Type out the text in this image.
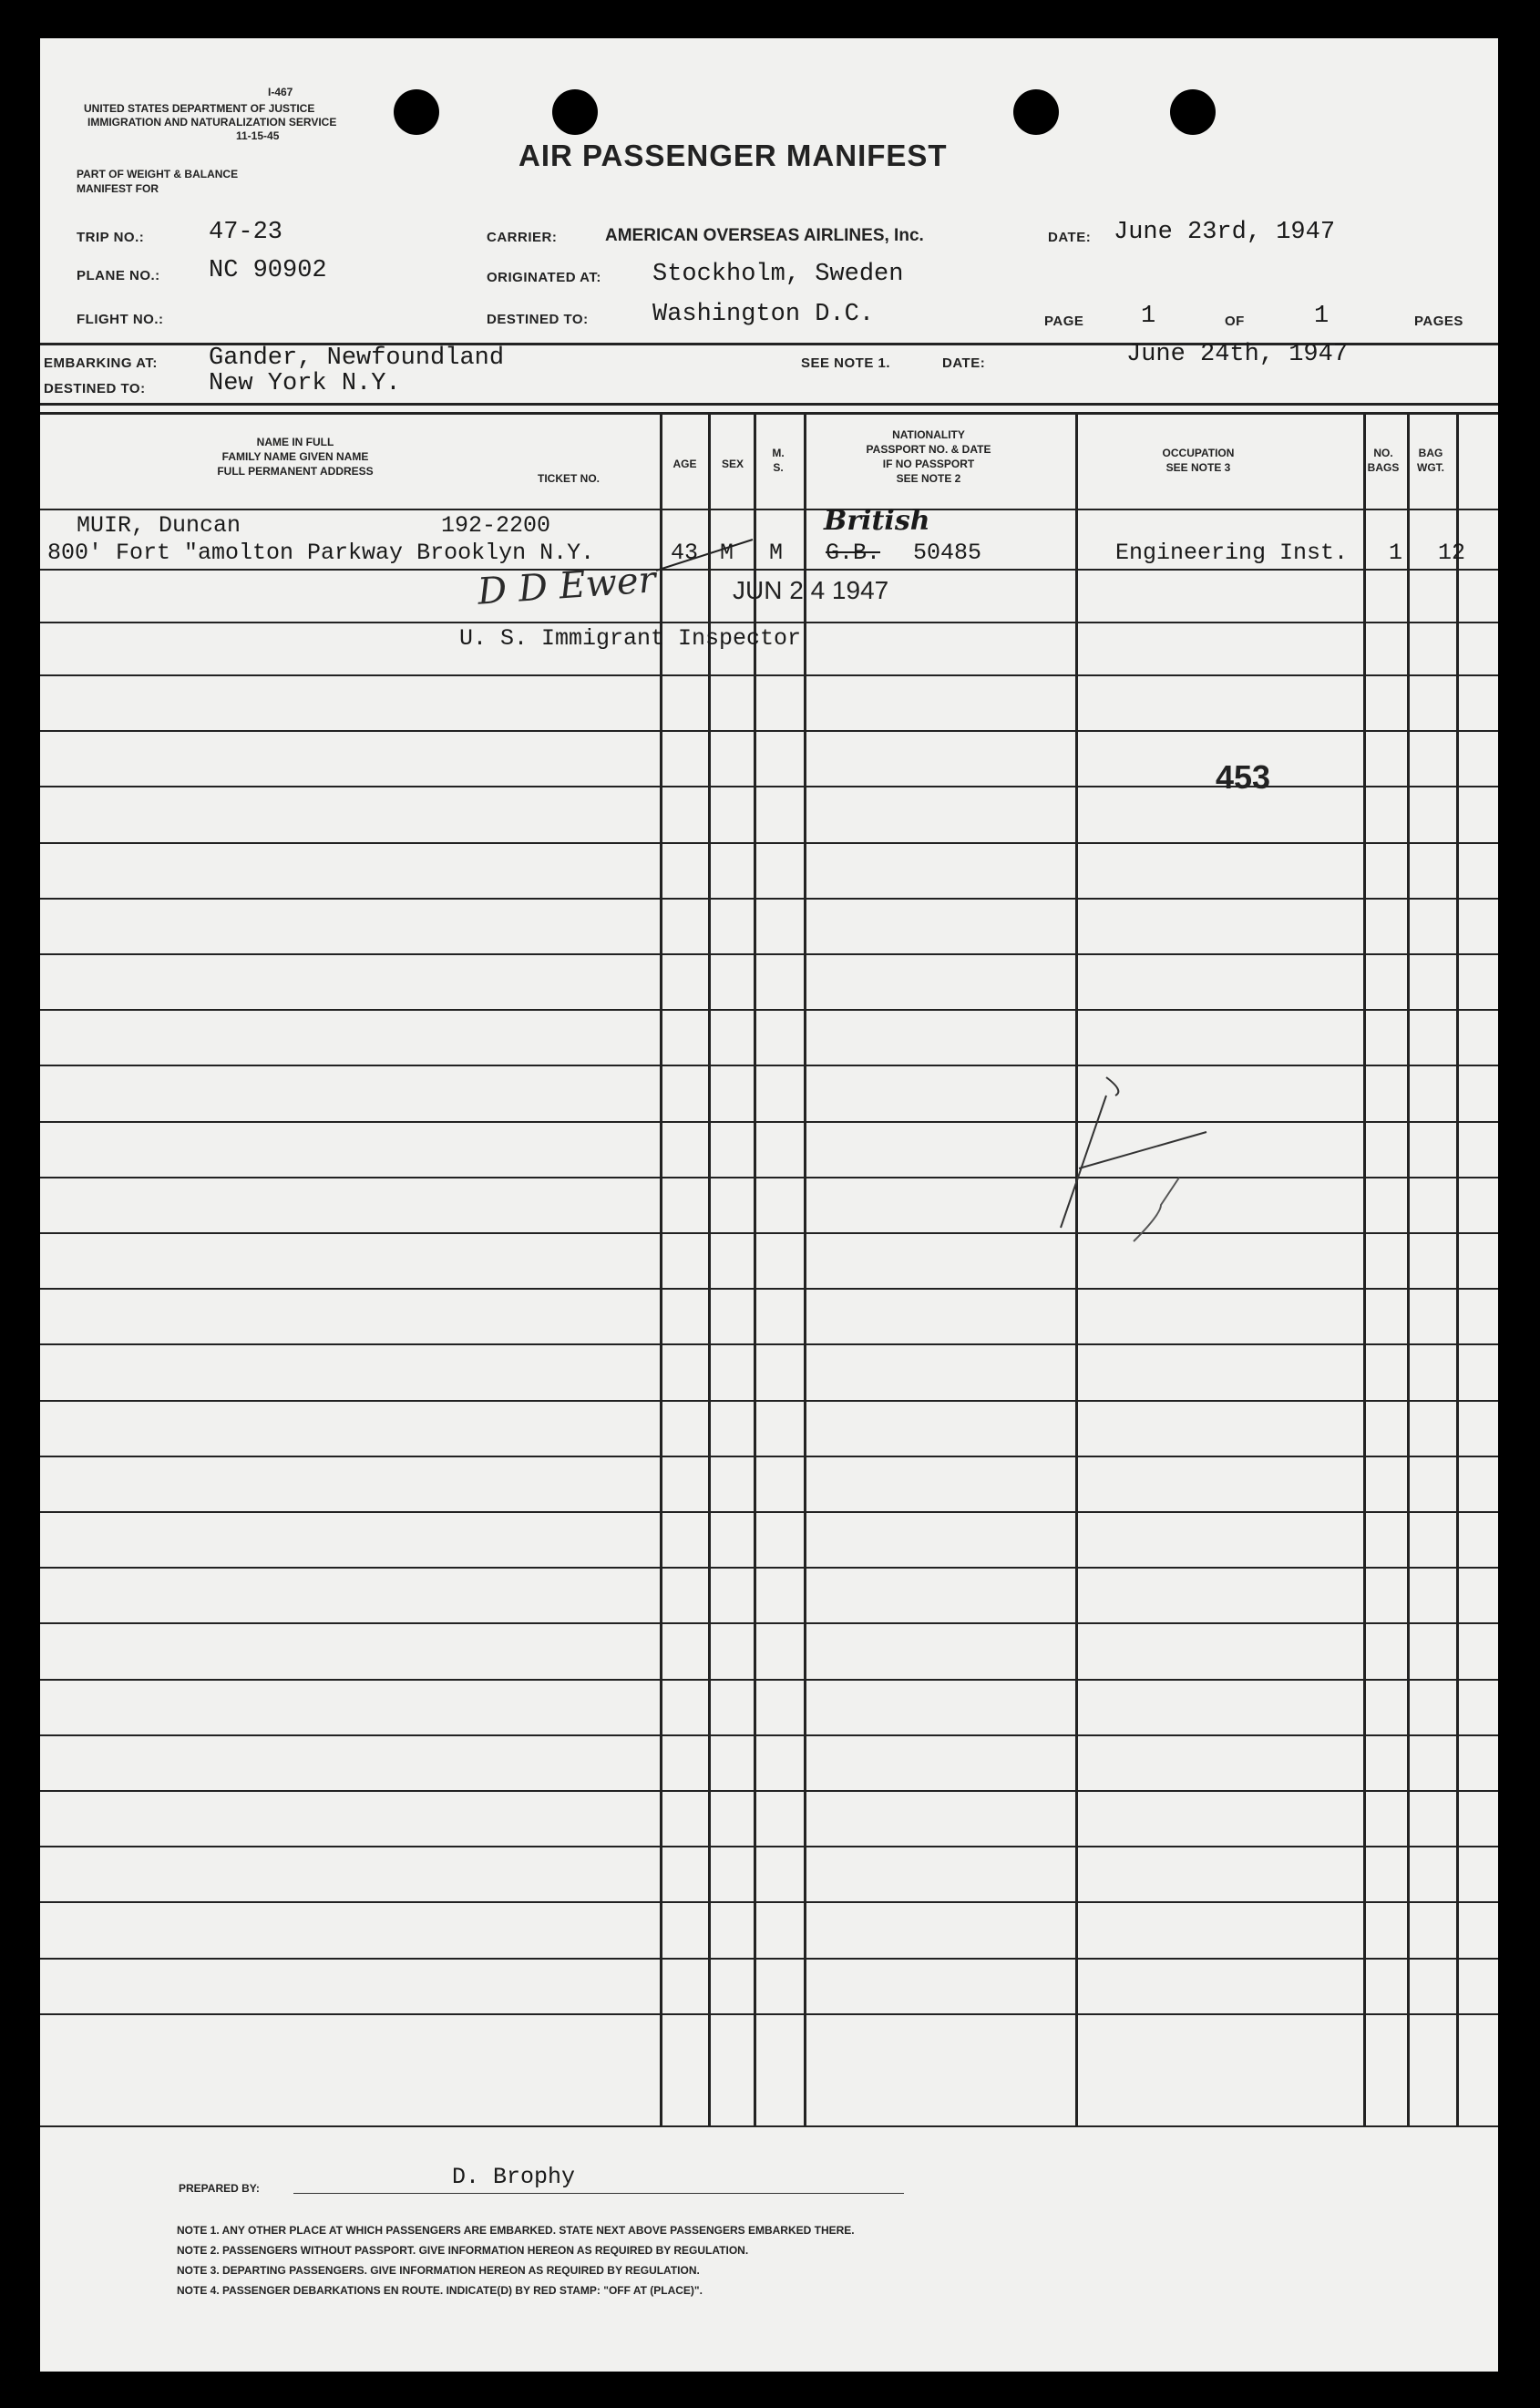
I-467
UNITED STATES DEPARTMENT OF JUSTICE
IMMIGRATION AND NATURALIZATION SERVICE
11-15-45
PART OF WEIGHT & BALANCE
MANIFEST FOR
AIR PASSENGER MANIFEST
TRIP NO.:	47-23
PLANE NO.: NC 90902
FLIGHT NO.:
CARRIER:	AMERICAN OVERSEAS AIRLINES, Inc.
ORIGINATED AT: Stockholm, Sweden
DESTINED TO:	Washington D.C.
DATE: June 23rd, 1947
PAGE 1	OF	1	PAGES
EMBARKING AT: Gander, Newfoundland
DESTINED TO:	New York N.Y.
SEE NOTE 1.	DATE:	June 24th, 1947
NAME IN FULL
FAMILY NAME GIVEN NAME
FULL PERMANENT ADDRESS
TICKET NO.
AGE	SEX
M.
S.
NATIONALITY
PASSPORT NO. & DATE
IF NO PASSPORT
SEE NOTE 2
OCCUPATION
SEE NOTE 3
NO.
BAGS
BAG
WGT.
MUIR, Duncan	192-2200
800' Fort "amolton Parkway Brooklyn N.Y.	43 M M
British
G.B. 50485	Engineering Inst. 1 12
D D Ewer	JUN 2 4 1947
U. S. Immigrant Inspector
453
PREPARED BY:	D. Brophy
NOTE 1. ANY OTHER PLACE AT WHICH PASSENGERS ARE EMBARKED. STATE NEXT ABOVE PASSENGERS EMBARKED THERE.
NOTE 2. PASSENGERS WITHOUT PASSPORT. GIVE INFORMATION HEREON AS REQUIRED BY REGULATION.
NOTE 3. DEPARTING PASSENGERS. GIVE INFORMATION HEREON AS REQUIRED BY REGULATION.
NOTE 4. PASSENGER DEBARKATIONS EN ROUTE. INDICATE(D) BY RED STAMP: "OFF AT (PLACE)".
